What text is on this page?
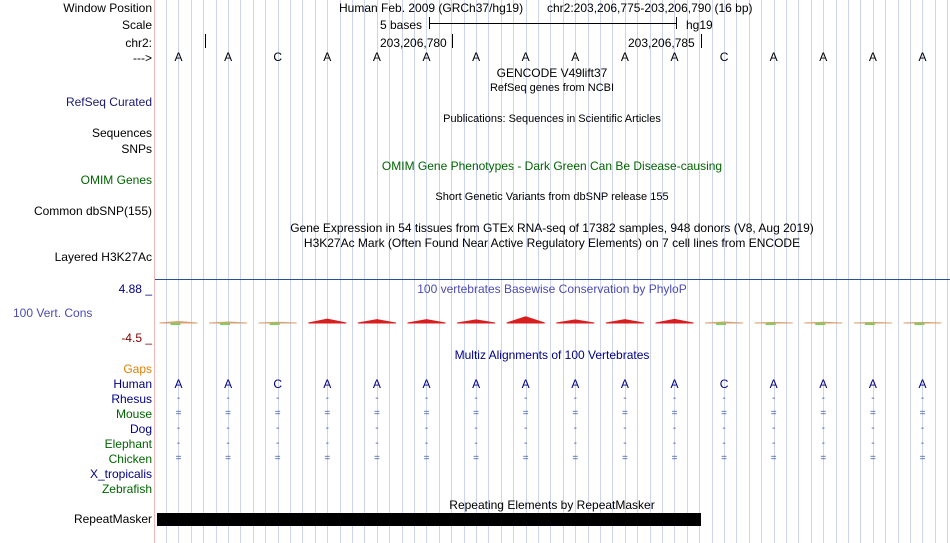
Window Position	Human Feb. 2009 (GRCh37/hg19) chr2:203,206,775-203,206,790 (16 bp)
Scale	5 bases	hg19
chr2:	203,206,780	203,206,785
---> A	A	C	A	A	A	A	A	A	A	A	C	A	A	A	A
GENCODE V49lift37
RefSeq genes from NCBI
RefSeq Curated
Publications: Sequences in Scientific Articles
Sequences
SNPs
OMIM Gene Phenotypes - Dark Green Can Be Disease-causing
OMIM Genes
Short Genetic Variants from dbSNP release 155
Common dbSNP(155)
Gene Expression in 54 tissues from GTEx RNA-seq of 17382 samples, 948 donors (V8, Aug 2019)
H3K27Ac Mark (Often Found Near Active Regulatory Elements) on 7 cell lines from ENCODE
Layered H3K27Ac
4.88 _	100 vertebrates Basewise Conservation by PhyloP
100 Vert. Cons
-4.5 _
Multiz Alignments of 100 Vertebrates
Gaps
Human A	A	C	A	A	A	A	A	A	A	A	C	A	A	A	A
Rhesus	-	-	-	-	-	-	-	-	-	-	-	-	-	-	-	-
Mouse	=	=	=	=	=	=	=	=	=	=	=	=	=	=	=	=
Dog	-	-	-	-	-	-	-	-	-	-	-	-	-	-	-	-
Elephant	-	-	-	-	-	-	-	-	-	-	-	-	-	-	-	-
Chicken	=	=	=	=	=	=	=	=	=	=	=	=	=	=	=	=
X_tropicalis
Zebrafish
Repeating Elements by RepeatMasker
RepeatMasker
